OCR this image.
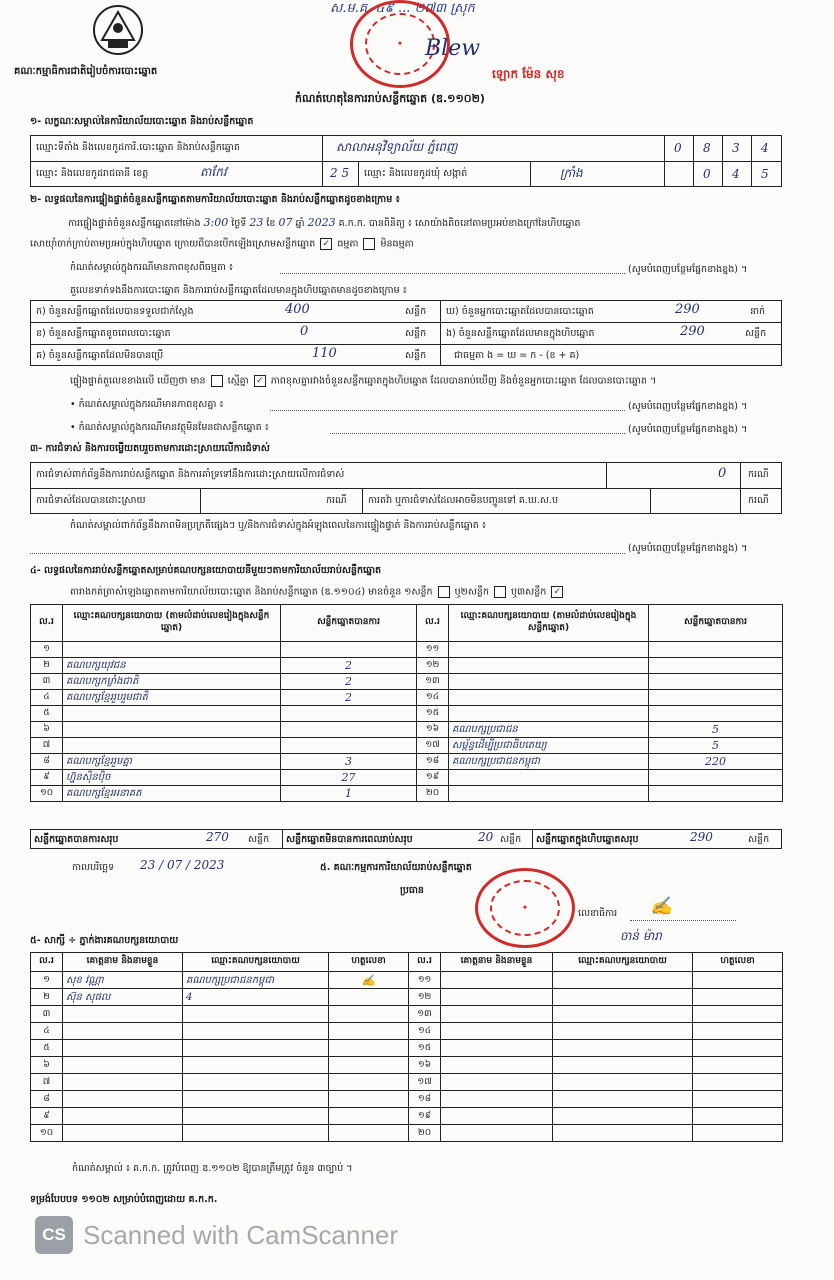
គណៈកម្មាធិការជាតិរៀបចំការបោះឆ្នោត
ស.ម.គ. ៤៩ ... ២៧៣ ស្រុក
✦ Blew
ឡោក ម៉ែន សុខ
កំណត់ហេតុនៃការរាប់សន្លឹកឆ្នោត (ឌ.១១០២)
១- លក្ខណៈសម្គាល់នៃការិយាល័យបោះឆ្នោត និងរាប់សន្លឹកឆ្នោត
ឈ្មោះទីតាំង និងលេខកូដការិ.បោះឆ្នោត និងរាប់សន្លឹកឆ្នោត	សាលាអនុវិទ្យាល័យ ភ្នំពេញ	0 8 3 4
ឈ្មោះ និងលេខកូដរាជធានី ខេត្ត	តាកែវ	2 5 ឈ្មោះ និងលេខកូដឃុំ សង្កាត់	ក្រាំង	0 4 5
២- លទ្ធផលនៃការផ្ទៀងផ្ទាត់ចំនួនសន្លឹកឆ្នោតតាមការិយាល័យបោះឆ្នោត និងរាប់សន្លឹកឆ្នោតដូចខាងក្រោម ៖
ការផ្ទៀងផ្ទាត់ចំនួនសន្លឹកឆ្នោតនៅម៉ោង 3:00 ថ្ងៃទី 23 ខែ 07 ឆ្នាំ 2023 គ.ក.ក. បានពិនិត្យ ៖ សោយ៉ាងតិចនៅតាមប្រអប់ខាងក្រៅនៃហិបឆ្នោត
សោយ៉ាំចាក់ក្រាប់តាមប្រអប់ក្នុងហិបឆ្នោត ក្រោយពីបានបើកឡើងស្រោមសន្លឹកឆ្នោត ✓ ធម្មតា មិនធម្មតា
កំណត់សម្គាល់ក្នុងករណីមានភាពខុសពីធម្មតា ៖	(សូមបំពេញបន្ថែមផ្នែកខាងខ្នង) ។
តួលេខទាក់ទងនឹងការបោះឆ្នោត និងការរាប់សន្លឹកឆ្នោតដែលមានក្នុងហិបឆ្នោតមានដូចខាងក្រោម ៖
ក) ចំនួនសន្លឹកឆ្នោតដែលបានទទួលជាក់ស្តែង	400	សន្លឹក ឃ) ចំនួនអ្នកបោះឆ្នោតដែលបានបោះឆ្នោត	290	នាក់
ខ) ចំនួនសន្លឹកឆ្នោតខូចពេលបោះឆ្នោត	0	សន្លឹក ង) ចំនួនសន្លឹកឆ្នោតដែលមានក្នុងហិបឆ្នោត	290	សន្លឹក
គ) ចំនួនសន្លឹកឆ្នោតដែលមិនបានប្រើ	110	សន្លឹក	ជាធម្មតា ង = ឃ = ក - (ខ + គ)
ផ្ទៀងផ្ទាត់តួលេខខាងលើ ឃើញថា មាន ស្មើគ្នា ✓ ភាពខុសគ្នារវាងចំនួនសន្លឹកឆ្នោតក្នុងហិបឆ្នោត ដែលបានរាប់ឃើញ និងចំនួនអ្នកបោះឆ្នោត ដែលបានបោះឆ្នោត ។
• កំណត់សម្គាល់ក្នុងករណីមានភាពខុសគ្នា ៖	(សូមបំពេញបន្ថែមផ្នែកខាងខ្នង) ។
• កំណត់សម្គាល់ក្នុងករណីមានវត្ថុមិនមែនជាសន្លឹកឆ្នោត ៖	(សូមបំពេញបន្ថែមផ្នែកខាងខ្នង) ។
៣- ការជំទាស់ និងការចម្លើយតបរួចតាមការដោះស្រាយលើការជំទាស់
ការជំទាស់ពាក់ព័ន្ធនឹងការរាប់សន្លឹកឆ្នោត និងការគាំទ្រទៅនឹងការដោះស្រាយលើការជំទាស់	0 ករណី
ការជំទាស់ដែលបានដោះស្រាយ	ករណី ការតវ៉ា ឬការជំទាស់ដែលអាចមិនបញ្ជូនទៅ គ.ឃ.ស.ប	ករណី
កំណត់សម្គាល់ពាក់ព័ន្ធនឹងភាពមិនប្រក្រតីផ្សេងៗ ឬ/និងការជំទាស់ក្នុងអំឡុងពេលនៃការផ្ទៀងផ្ទាត់ និងការរាប់សន្លឹកឆ្នោត ៖
(សូមបំពេញបន្ថែមផ្នែកខាងខ្នង) ។
៤- លទ្ធផលនៃការរាប់សន្លឹកឆ្នោតសម្រាប់គណបក្សនយោបាយនីមួយៗតាមការិយាល័យរាប់សន្លឹកឆ្នោត
តារាងកត់ត្រាសំឡេងឆ្នោតតាមការិយាល័យបោះឆ្នោត និងរាប់សន្លឹកឆ្នោត (ឌ.១១០៤) មានចំនួន ១សន្លឹក ឬ២សន្លឹក ឬ៣សន្លឹក ✓
ល.រ	ឈ្មោះគណបក្សនយោបាយ (តាមលំដាប់លេខរៀងក្នុងសន្លឹកឆ្នោត)	សន្លឹកឆ្នោតបានការ	ល.រ	ឈ្មោះគណបក្សនយោបាយ (តាមលំដាប់លេខរៀងក្នុងសន្លឹកឆ្នោត)	សន្លឹកឆ្នោតបានការ
១			១១		
២	គណបក្សយុវជន	2	១២		
៣	គណបក្សកម្លាំងជាតិ	2	១៣		
៤	គណបក្សខ្មែររួបរួមជាតិ	2	១៤		
៥			១៥		
៦			១៦	គណបក្សប្រជាជន	5
៧			១៧	សម្ព័ន្ធដើម្បីប្រជាធិបតេយ្យ	5
៨	គណបក្សខ្មែររួមគ្នា	3	១៨	គណបក្សប្រជាជនកម្ពុជា	220
៩	ហ្វ៊ុនស៊ិនប៉ិច	27	១៩		
១០	គណបក្សខ្មែរអនាគត	1	២០		
សន្លឹកឆ្នោតបានការសរុប	270 សន្លឹក សន្លឹកឆ្នោតមិនបានការពេលរាប់សរុប	20 សន្លឹក សន្លឹកឆ្នោតក្នុងហិបឆ្នោតសរុប	290	សន្លឹក
កាលបរិច្ឆេទ 23 / 07 / 2023	៥. គណៈកម្មការការិយាល័យរាប់សន្លឹកឆ្នោត
ប្រធាន
✦
លេខាធិការ ✍
ចាន់ ម៉ារា
៥- សាក្សី ÷ ភ្នាក់ងារគណបក្សនយោបាយ
ល.រ	គោត្តនាម និងនាមខ្លួន	ឈ្មោះគណបក្សនយោបាយ	ហត្ថលេខា	ល.រ	គោត្តនាម និងនាមខ្លួន	ឈ្មោះគណបក្សនយោបាយ	ហត្ថលេខា
១	សុខ វណ្ណា	គណបក្សប្រជាជនកម្ពុជា	✍	១១			
២	ស៊ុន សុផល	4		១២			
៣				១៣			
៤				១៤			
៥				១៥			
៦				១៦			
៧				១៧			
៨				១៨			
៩				១៩			
១០				២០			
កំណត់សម្គាល់ ៖ គ.ក.ក. ត្រូវបំពេញ ឌ.១១០២ ឱ្យបានត្រឹមត្រូវ ចំនួន ៣ច្បាប់ ។
ទម្រង់បែបបទ ១១០២ សម្រាប់បំពេញដោយ គ.ក.ក.
CS Scanned with CamScanner
